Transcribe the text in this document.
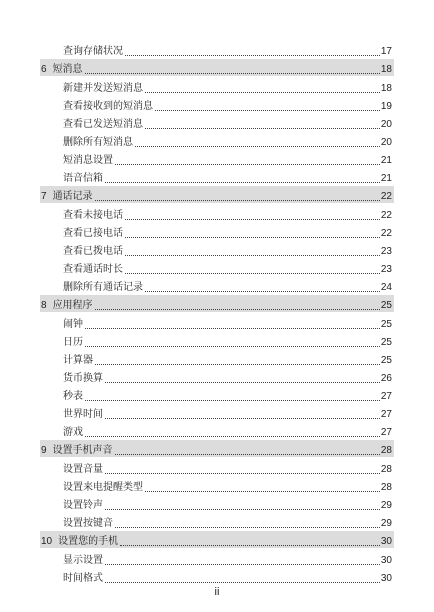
查询存储状况	17
6 短消息	18
新建并发送短消息	18
查看接收到的短消息	19
查看已发送短消息	20
删除所有短消息	20
短消息设置	21
语音信箱	21
7 通话记录	22
查看未接电话	22
查看已接电话	22
查看已拨电话	23
查看通话时长	23
删除所有通话记录	24
8 应用程序	25
闹钟	25
日历	25
计算器	25
货币换算	26
秒表	27
世界时间	27
游戏	27
9 设置手机声音	28
设置音量	28
设置来电提醒类型	28
设置铃声	29
设置按键音	29
10 设置您的手机	30
显示设置	30
时间格式	30
ii
